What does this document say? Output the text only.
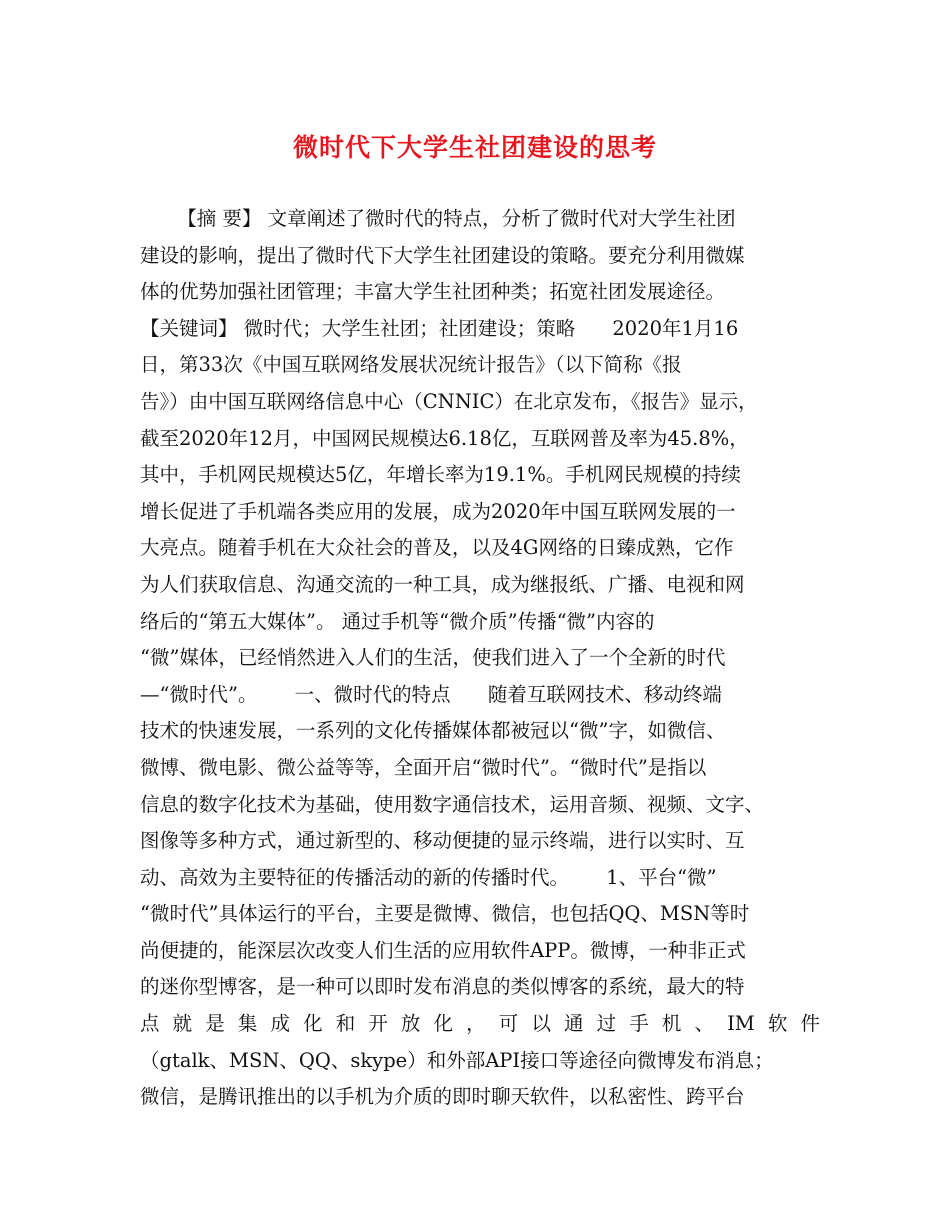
微时代下大学生社团建设的思考
【摘 要】 文章阐述了微时代的特点，分析了微时代对大学生社团
建设的影响，提出了微时代下大学生社团建设的策略。要充分利用微媒
体的优势加强社团管理；丰富大学生社团种类；拓宽社团发展途径。
【关键词】 微时代；大学生社团；社团建设；策略      2020年1月16
日，第33次《中国互联网络发展状况统计报告》（以下简称《报
告》）由中国互联网络信息中心（CNNIC）在北京发布，《报告》显示，
截至2020年12月，中国网民规模达6.18亿，互联网普及率为45.8%，
其中，手机网民规模达5亿，年增长率为19.1%。手机网民规模的持续
增长促进了手机端各类应用的发展，成为2020年中国互联网发展的一
大亮点。随着手机在大众社会的普及，以及4G网络的日臻成熟，它作
为人们获取信息、沟通交流的一种工具，成为继报纸、广播、电视和网
络后的“第五大媒体”。 通过手机等“微介质”传播“微”内容的
“微”媒体，已经悄然进入人们的生活，使我们进入了一个全新的时代
—“微时代”。      一、微时代的特点      随着互联网技术、移动终端
技术的快速发展，一系列的文化传播媒体都被冠以“微”字，如微信、
微博、微电影、微公益等等，全面开启“微时代”。“微时代”是指以
信息的数字化技术为基础，使用数字通信技术，运用音频、视频、文字、
图像等多种方式，通过新型的、移动便捷的显示终端，进行以实时、互
动、高效为主要特征的传播活动的新的传播时代。      1、平台“微”
“微时代”具体运行的平台，主要是微博、微信，也包括QQ、MSN等时
尚便捷的，能深层次改变人们生活的应用软件APP。微博，一种非正式
的迷你型博客，是一种可以即时发布消息的类似博客的系统，最大的特
点就是集成化和开放化，可以通过手机、IM软件
（gtalk、MSN、QQ、skype）和外部API接口等途径向微博发布消息；
微信，是腾讯推出的以手机为介质的即时聊天软件，以私密性、跨平台
